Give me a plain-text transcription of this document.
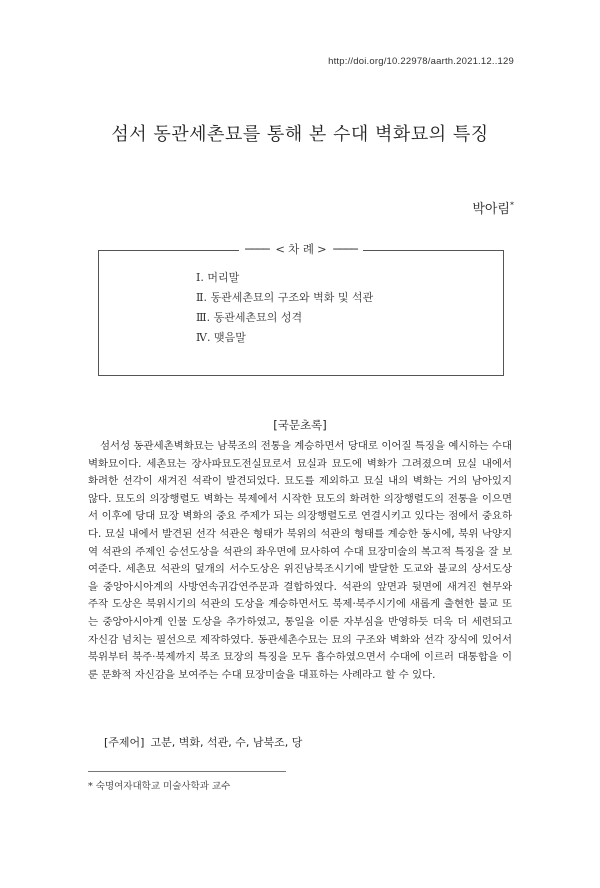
http://doi.org/10.22978/aarth.2021.12..129
섬서 동관세촌묘를 통해 본 수대 벽화묘의 특징
박아림*
──── < 차 례 > ────
Ⅰ. 머리말
Ⅱ. 동관세촌묘의 구조와 벽화 및 석관
Ⅲ. 동관세촌묘의 성격
Ⅳ. 맺음말
[국문초록]

섬서성 동관세촌벽화묘는 남북조의 전통을 계승하면서 당대로 이어질 특징을 예시하는 수대벽화묘이다. 세촌묘는 장사파묘도전실묘로서 묘실과 묘도에 벽화가 그려졌으며 묘실 내에서 화려한 선각이 새겨진 석곽이 발견되었다. 묘도를 제외하고 묘실 내의 벽화는 거의 남아있지 않다. 묘도의 의장행렬도 벽화는 북제에서 시작한 묘도의 화려한 의장행렬도의 전통을 이으면서 이후에 당대 묘장 벽화의 중요 주제가 되는 의장행렬도로 연결시키고 있다는 점에서 중요하다. 묘실 내에서 발견된 선각 석관은 형태가 북위의 석관의 형태를 계승한 동시에, 북위 낙양지역 석관의 주제인 승선도상을 석관의 좌우면에 묘사하여 수대 묘장미술의 복고적 특징을 잘 보여준다. 세촌묘 석관의 덮개의 서수도상은 위진남북조시기에 발달한 도교와 불교의 상서도상을 중앙아시아계의 사방연속귀갑연주문과 결합하였다. 석관의 앞면과 뒷면에 새겨진 현무와 주작 도상은 북위시기의 석관의 도상을 계승하면서도 북제·북주시기에 새롭게 출현한 불교 또는 중앙아시아계 인물 도상을 추가하였고, 통일을 이룬 자부심을 반영하듯 더욱 더 세련되고 자신감 넘치는 필선으로 제작하였다. 동관세촌수묘는 묘의 구조와 벽화와 선각 장식에 있어서 북위부터 북주·북제까지 북조 묘장의 특징을 모두 흡수하였으면서 수대에 이르러 대통합을 이룬 문화적 자신감을 보여주는 수대 묘장미술을 대표하는 사례라고 할 수 있다.

[주제어] 고분, 벽화, 석관, 수, 남북조, 당
* 숙명여자대학교 미술사학과 교수
